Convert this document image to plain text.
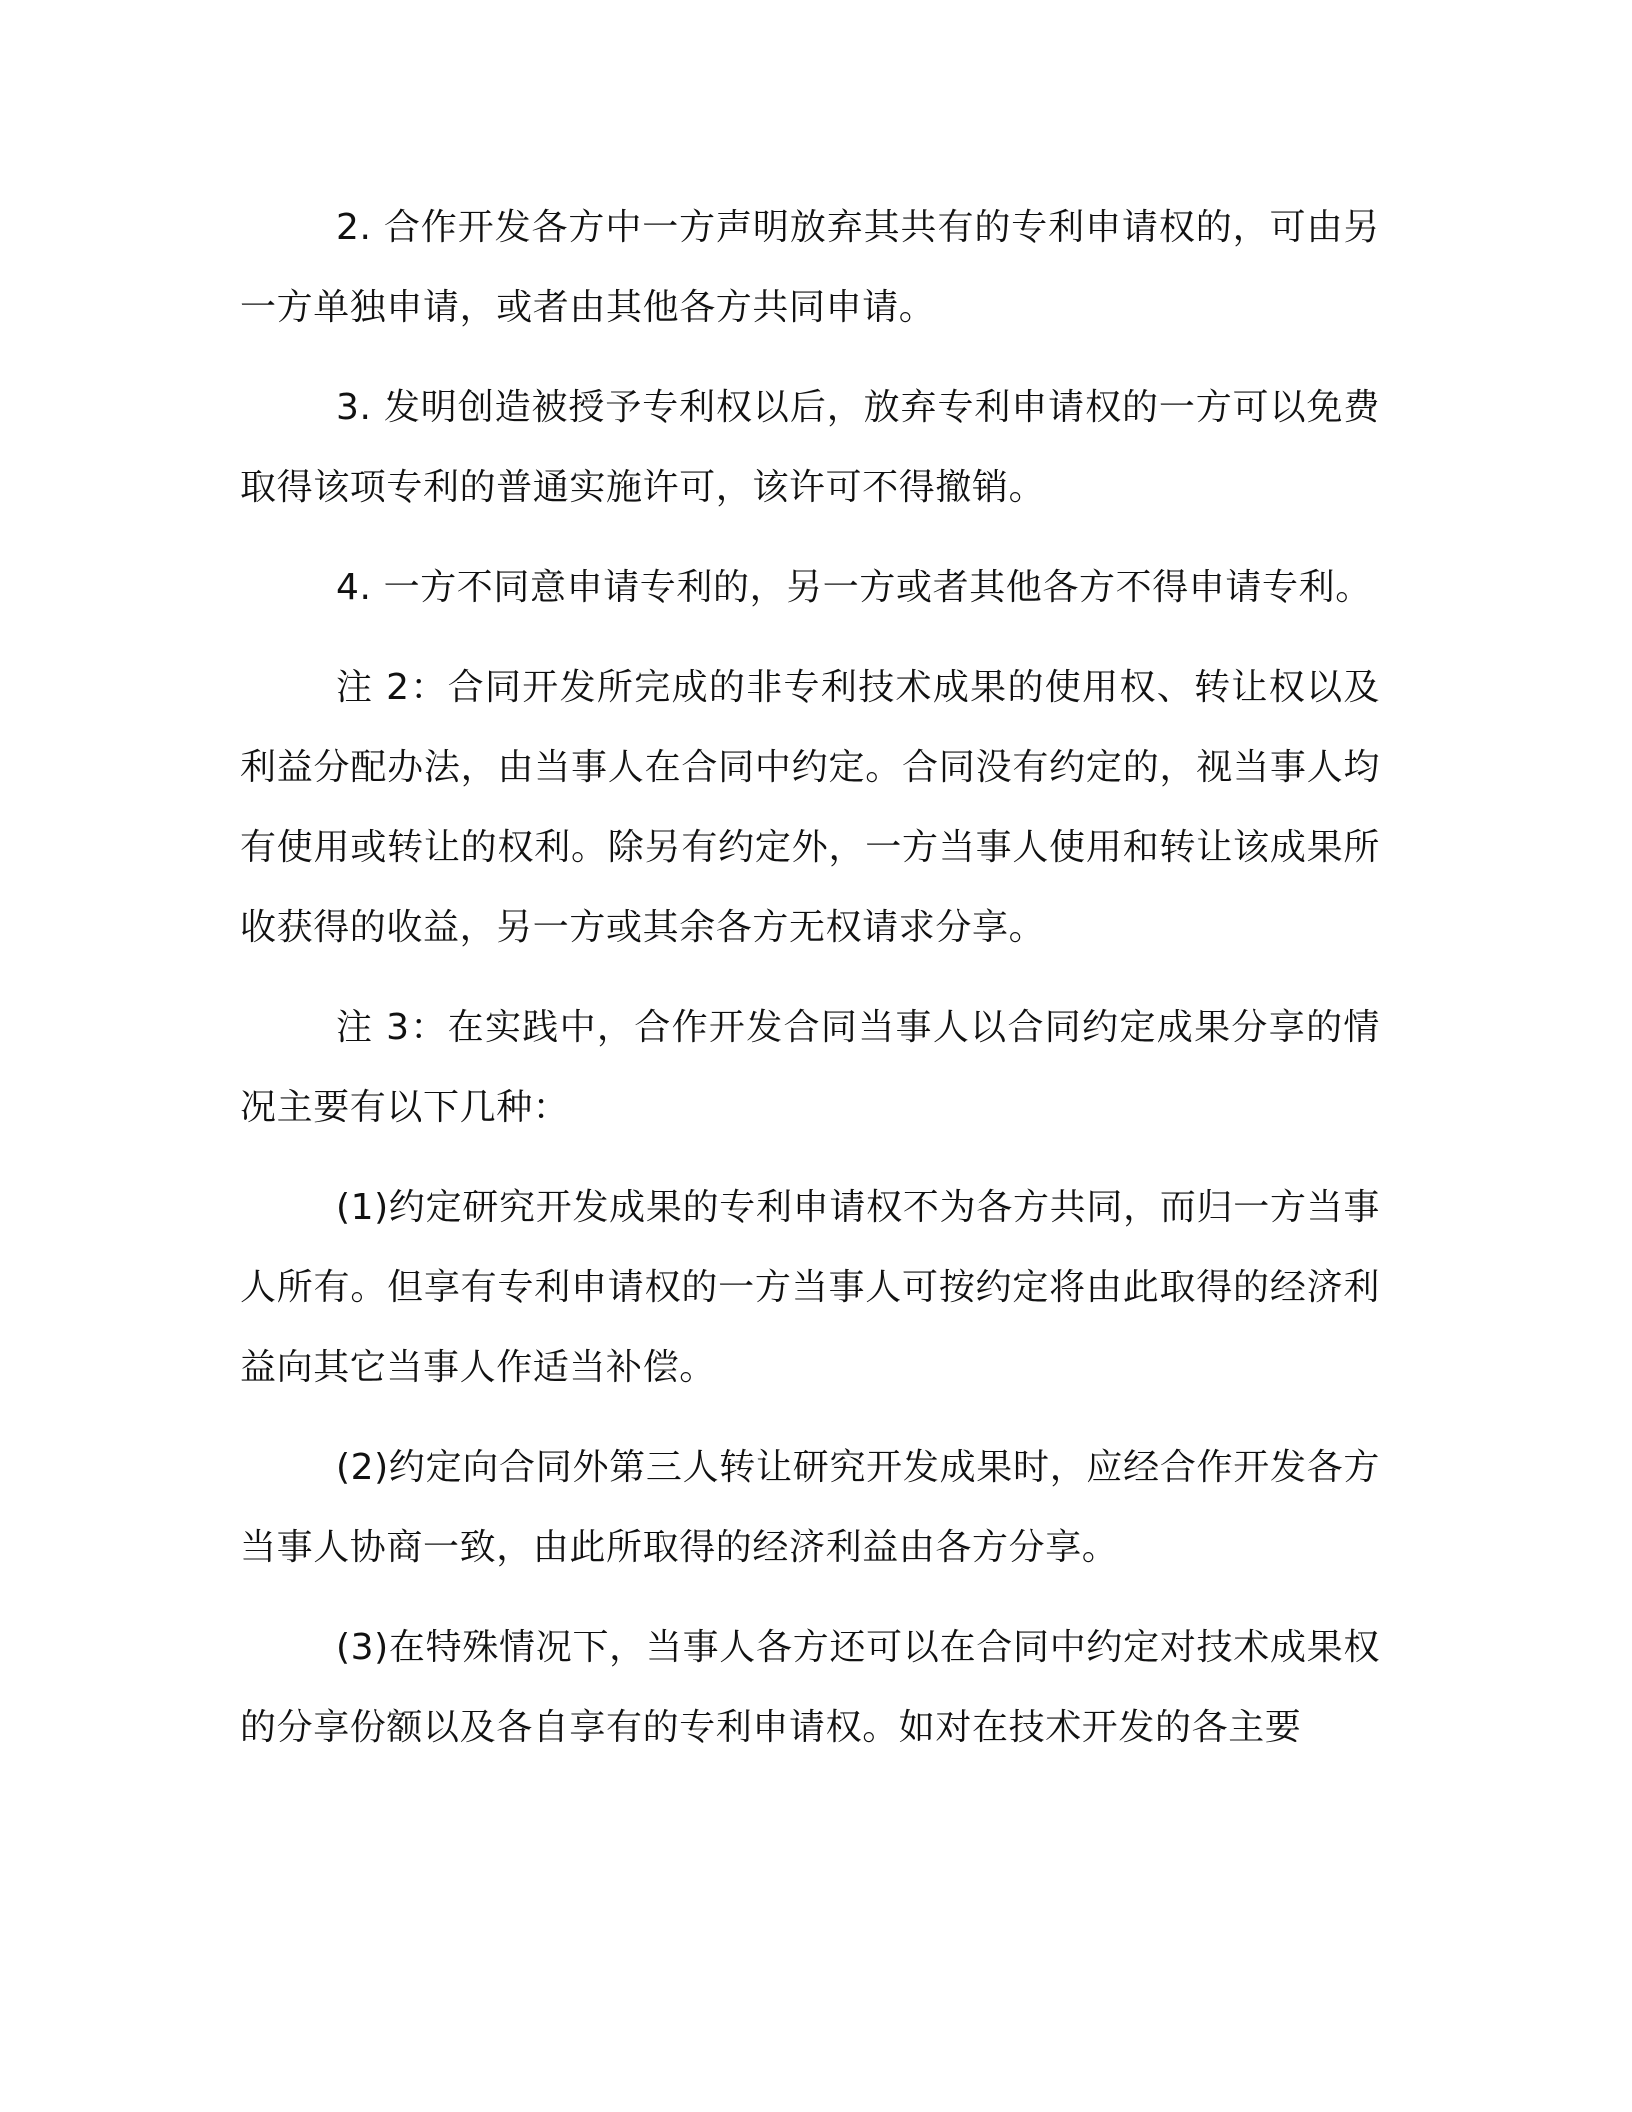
2. 合作开发各方中一方声明放弃其共有的专利申请权的，可由另一方单独申请，或者由其他各方共同申请。

3. 发明创造被授予专利权以后，放弃专利申请权的一方可以免费取得该项专利的普通实施许可，该许可不得撤销。

4. 一方不同意申请专利的，另一方或者其他各方不得申请专利。

注 2：合同开发所完成的非专利技术成果的使用权、转让权以及利益分配办法，由当事人在合同中约定。合同没有约定的，视当事人均有使用或转让的权利。除另有约定外，一方当事人使用和转让该成果所收获得的收益，另一方或其余各方无权请求分享。

注 3：在实践中，合作开发合同当事人以合同约定成果分享的情况主要有以下几种：

(1)约定研究开发成果的专利申请权不为各方共同，而归一方当事人所有。但享有专利申请权的一方当事人可按约定将由此取得的经济利益向其它当事人作适当补偿。

(2)约定向合同外第三人转让研究开发成果时，应经合作开发各方当事人协商一致，由此所取得的经济利益由各方分享。

(3)在特殊情况下，当事人各方还可以在合同中约定对技术成果权的分享份额以及各自享有的专利申请权。如对在技术开发的各主要
